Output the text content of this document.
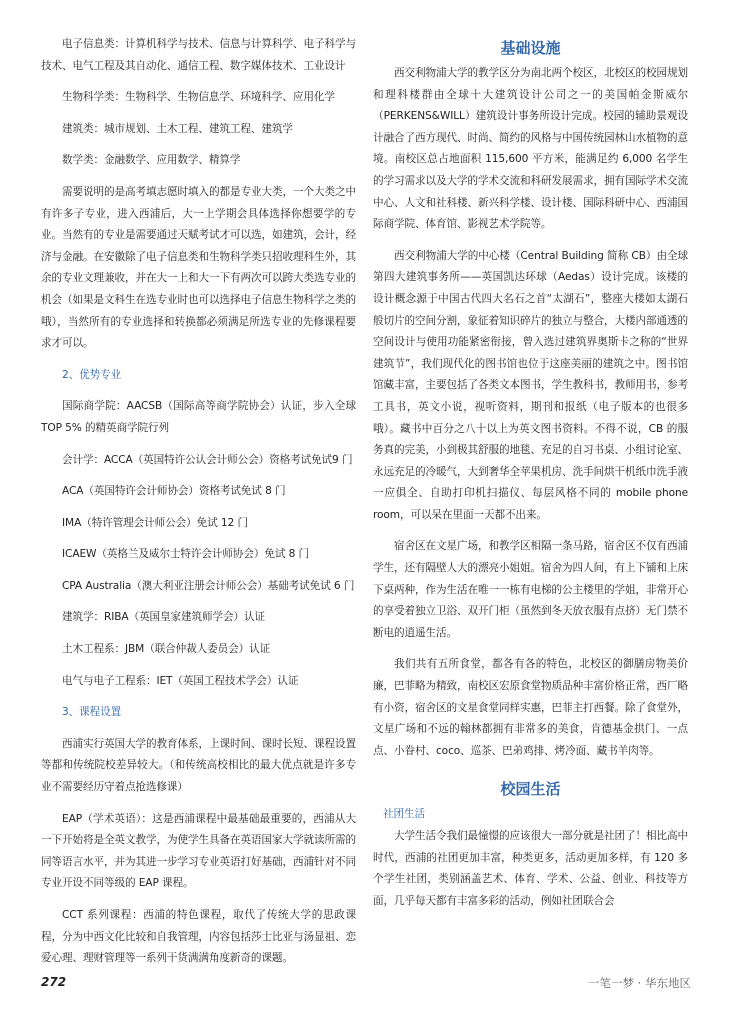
电子信息类：计算机科学与技术、信息与计算科学、电子科学与技术、电气工程及其自动化、通信工程、数字媒体技术、工业设计

生物科学类：生物科学、生物信息学、环境科学、应用化学

建筑类：城市规划、土木工程、建筑工程、建筑学

数学类：金融数学、应用数学、精算学

需要说明的是高考填志愿时填入的都是专业大类，一个大类之中有许多子专业，进入西浦后，大一上学期会具体选择你想要学的专业。当然有的专业是需要通过天赋考试才可以选，如建筑，会计，经济与金融。在安徽除了电子信息类和生物科学类只招收理科生外，其余的专业文理兼收，并在大一上和大一下有两次可以跨大类选专业的机会（如果是文科生在选专业时也可以选择电子信息生物科学之类的哦），当然所有的专业选择和转换都必须满足所选专业的先修课程要求才可以。

2、优势专业

国际商学院：AACSB（国际高等商学院协会）认证，步入全球 TOP 5% 的精英商学院行列

会计学：ACCA（英国特许公认会计师公会）资格考试免试9 门

ACA（英国特许会计师协会）资格考试免试 8 门

IMA（特许管理会计师公会）免试 12 门

ICAEW（英格兰及威尔士特许会计师协会）免试 8 门

CPA Australia（澳大利亚注册会计师公会）基础考试免试 6 门

建筑学：RIBA（英国皇家建筑师学会）认证

土木工程系：JBM（联合仲裁人委员会）认证

电气与电子工程系：IET（英国工程技术学会）认证

3、课程设置

西浦实行英国大学的教育体系，上课时间、课时长短、课程设置等都和传统院校差异较大。（和传统高校相比的最大优点就是许多专业不需要经历守着点抢选修课）

EAP（学术英语）：这是西浦课程中最基础最重要的，西浦从大一下开始将是全英文教学，为使学生具备在英语国家大学就读所需的同等语言水平，并为其进一步学习专业英语打好基础，西浦针对不同专业开设不同等级的 EAP 课程。

CCT 系列课程：西浦的特色课程，取代了传统大学的思政课程，分为中西文化比较和自我管理，内容包括莎士比亚与汤显祖、恋爱心理、理财管理等一系列干货满满角度新奇的课题。

基础设施

西交利物浦大学的教学区分为南北两个校区，北校区的校园规划和理科楼群由全球十大建筑设计公司之一的美国帕金斯威尔（PERKENS&WILL）建筑设计事务所设计完成。校园的辅助景观设计融合了西方现代、时尚、简约的风格与中国传统园林山水植物的意境。南校区总占地面积 115,600 平方米，能满足约 6,000 名学生的学习需求以及大学的学术交流和科研发展需求，拥有国际学术交流中心、人文和社科楼、新兴科学楼、设计楼、国际科研中心、西浦国际商学院、体育馆、影视艺术学院等。

西交利物浦大学的中心楼（Central Building 简称 CB）由全球第四大建筑事务所——英国凯达环球（Aedas）设计完成。该楼的设计概念源于中国古代四大名石之首“太湖石”，整座大楼如太湖石般切片的空间分割，象征着知识碎片的独立与整合，大楼内部通透的空间设计与使用功能紧密衔接，曾入选过建筑界奥斯卡之称的“世界建筑节”，我们现代化的图书馆也位于这座美丽的建筑之中。图书馆馆藏丰富，主要包括了各类文本图书，学生教科书，教师用书，参考工具书，英文小说，视听资料，期刊和报纸（电子版本的也很多哦）。藏书中百分之八十以上为英文图书资料。不得不说，CB 的服务真的完美，小到极其舒服的地毯、充足的自习书桌、小组讨论室、永远充足的冷暖气，大到奢华全苹果机房、洗手间烘干机纸巾洗手液一应俱全、自助打印机扫描仪、每层风格不同的 mobile phone room，可以呆在里面一天都不出来。

宿舍区在文星广场，和教学区相隔一条马路，宿舍区不仅有西浦学生，还有隔壁人大的漂亮小姐姐。宿舍为四人间，有上下铺和上床下桌两种，作为生活在唯一一栋有电梯的公主楼里的学姐，非常开心的享受着独立卫浴、双开门柜（虽然到冬天放衣服有点挤）无门禁不断电的逍遥生活。

我们共有五所食堂，都各有各的特色，北校区的御膳房物美价廉，巴菲略为精致，南校区宏原食堂物质品种丰富价格正常，西厂略有小资，宿舍区的文星食堂同样实惠，巴菲主打西餐。除了食堂外，文星广场和不远的翰林都拥有非常多的美食，肯德基金拱门、一点点、小眷村、coco、巡茶、巴弟鸡排、烤冷面、藏书羊肉等。

校园生活

社团生活

大学生活令我们最憧憬的应该很大一部分就是社团了！相比高中时代，西浦的社团更加丰富，种类更多，活动更加多样，有 120 多个学生社团，类别涵盖艺术、体育、学术、公益、创业、科技等方面，几乎每天都有丰富多彩的活动，例如社团联合会

272	一笔一梦 · 华东地区
